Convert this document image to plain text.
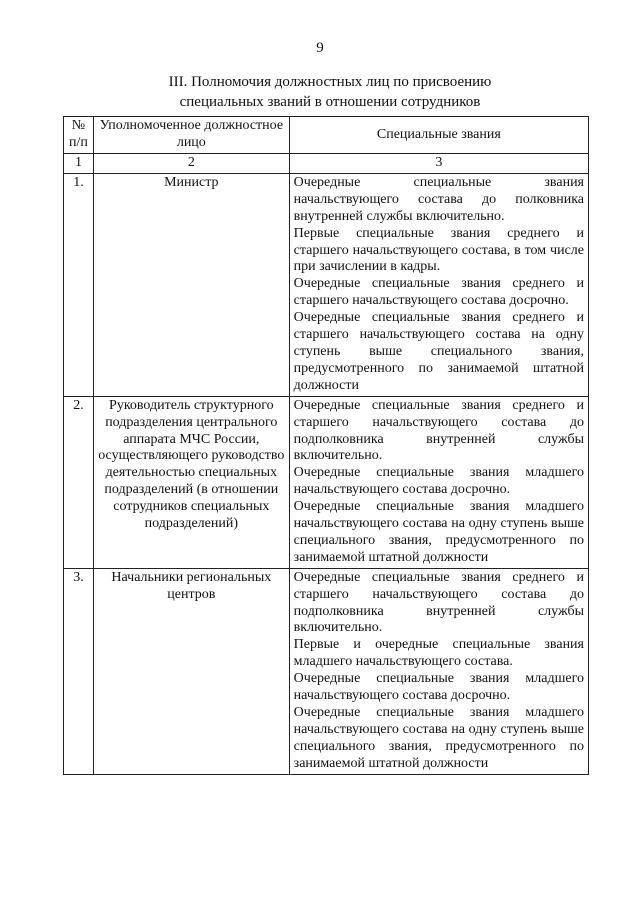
9
III. Полномочия должностных лиц по присвоению
специальных званий в отношении сотрудников
№ п/п	Уполномоченное должностное лицо	Специальные звания
1	2	3
1.	Министр	Очередные специальные звания начальствующего состава до полковника внутренней службы включительно.

Первые специальные звания среднего и старшего начальствующего состава, в том числе при зачислении в кадры.

Очередные специальные звания среднего и старшего начальствующего состава досрочно.

Очередные специальные звания среднего и старшего начальствующего состава на одну ступень выше специального звания, предусмотренного по занимаемой штатной должности

2.	Руководитель структурного подразделения центрального аппарата МЧС России, осуществляющего руководство деятельностью специальных подразделений (в отношении сотрудников специальных подразделений)	Очередные специальные звания среднего и старшего начальствующего состава до подполковника внутренней службы включительно.

Очередные специальные звания младшего начальствующего состава досрочно.

Очередные специальные звания младшего начальствующего состава на одну ступень выше специального звания, предусмотренного по занимаемой штатной должности

3.	Начальники региональных центров	Очередные специальные звания среднего и старшего начальствующего состава до подполковника внутренней службы включительно.

Первые и очередные специальные звания младшего начальствующего состава.

Очередные специальные звания младшего начальствующего состава досрочно.

Очередные специальные звания младшего начальствующего состава на одну ступень выше специального звания, предусмотренного по занимаемой штатной должности
